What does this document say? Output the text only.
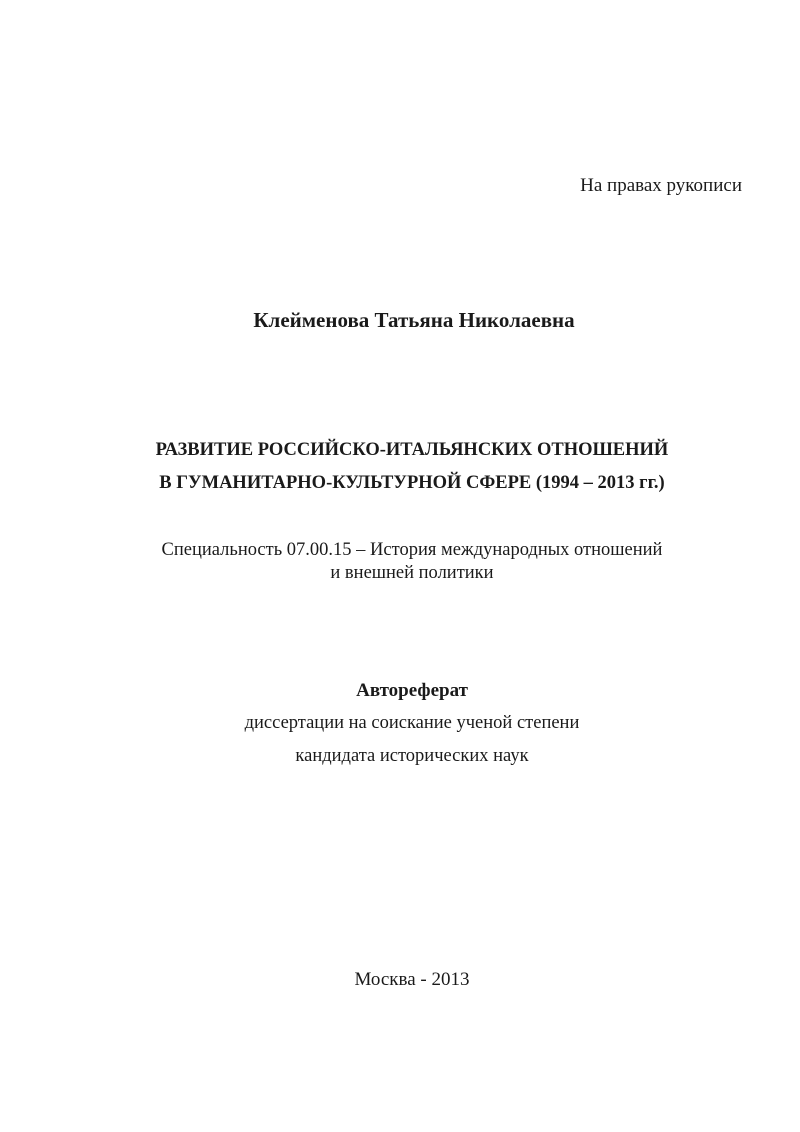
На правах рукописи
Клейменова Татьяна Николаевна
РАЗВИТИЕ РОССИЙСКО-ИТАЛЬЯНСКИХ ОТНОШЕНИЙ
В ГУМАНИТАРНО-КУЛЬТУРНОЙ СФЕРЕ (1994 – 2013 гг.)
Специальность 07.00.15 – История международных отношений
и внешней политики
Автореферат
диссертации на соискание ученой степени
кандидата исторических наук
Москва - 2013
